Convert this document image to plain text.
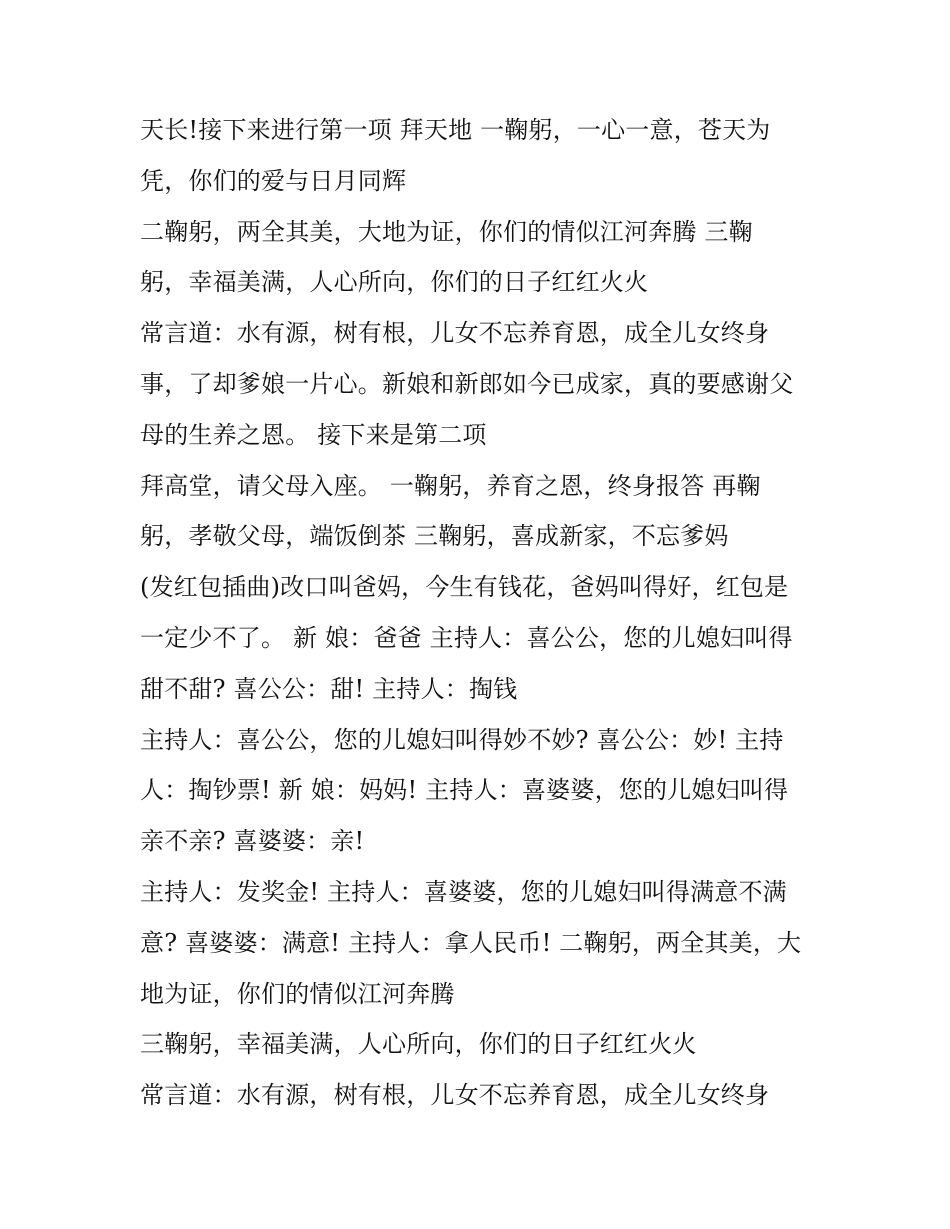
天长!接下来进行第一项 拜天地 一鞠躬，一心一意，苍天为
凭，你们的爱与日月同辉
二鞠躬，两全其美，大地为证，你们的情似江河奔腾 三鞠
躬，幸福美满，人心所向，你们的日子红红火火
常言道：水有源，树有根，儿女不忘养育恩，成全儿女终身
事，了却爹娘一片心。新娘和新郎如今已成家，真的要感谢父
母的生养之恩。 接下来是第二项
拜高堂，请父母入座。 一鞠躬，养育之恩，终身报答 再鞠
躬，孝敬父母，端饭倒茶 三鞠躬，喜成新家，不忘爹妈
(发红包插曲)改口叫爸妈，今生有钱花，爸妈叫得好，红包是
一定少不了。 新 娘：爸爸 主持人：喜公公，您的儿媳妇叫得
甜不甜? 喜公公：甜! 主持人：掏钱
主持人：喜公公，您的儿媳妇叫得妙不妙? 喜公公：妙! 主持
人：掏钞票! 新 娘：妈妈! 主持人：喜婆婆，您的儿媳妇叫得
亲不亲? 喜婆婆：亲!
主持人：发奖金! 主持人：喜婆婆，您的儿媳妇叫得满意不满
意? 喜婆婆：满意! 主持人：拿人民币! 二鞠躬，两全其美，大
地为证，你们的情似江河奔腾
三鞠躬，幸福美满，人心所向，你们的日子红红火火
常言道：水有源，树有根，儿女不忘养育恩，成全儿女终身
